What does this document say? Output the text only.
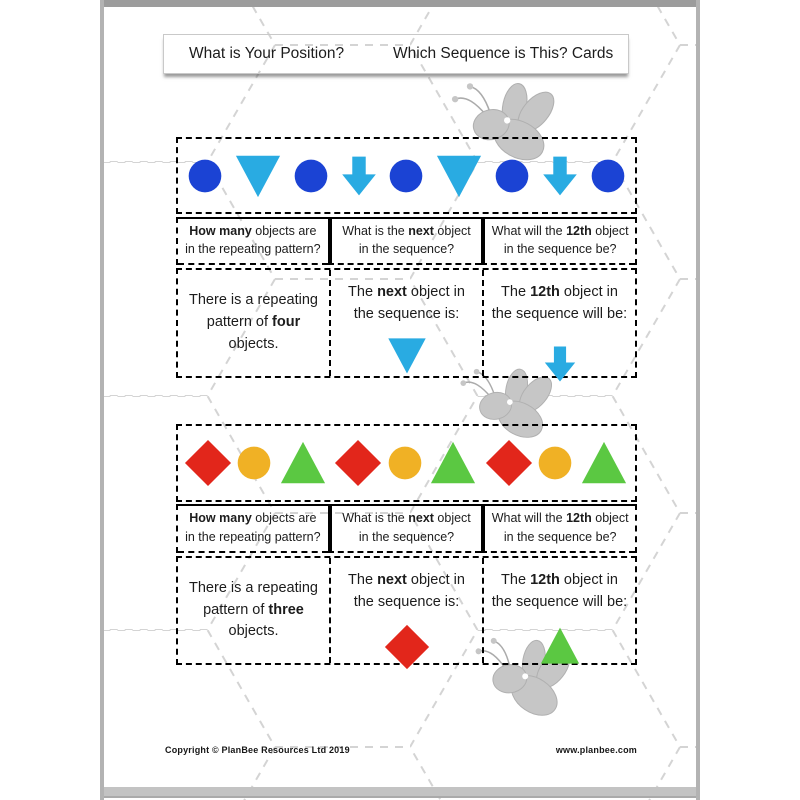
What is Your Position?	Which Sequence is This? Cards
How many objects are in the repeating pattern?
What is the next object in the sequence?
What will the 12th object in the sequence be?
There is a repeating pattern of four objects.
The next object in the sequence is:
The 12th object in the sequence will be:
How many objects are in the repeating pattern?
What is the next object in the sequence?
What will the 12th object in the sequence be?
There is a repeating pattern of three objects.
The next object in the sequence is:
The 12th object in the sequence will be:
Copyright © PlanBee Resources Ltd 2019	www.planbee.com
